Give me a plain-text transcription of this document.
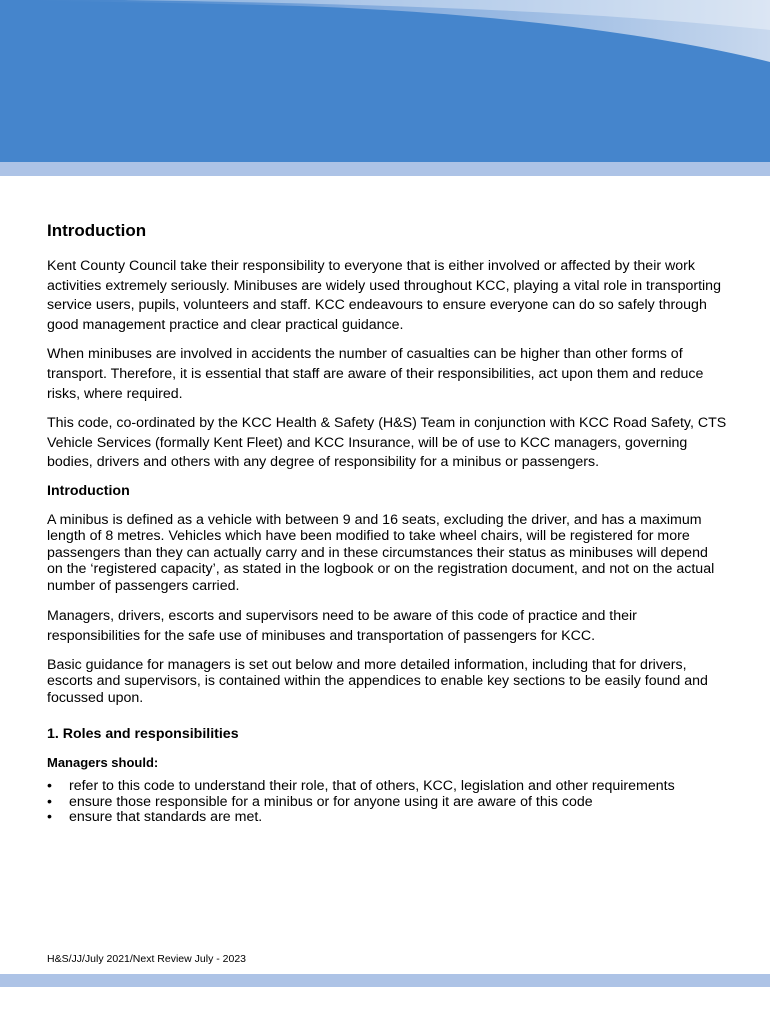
Introduction

Kent County Council take their responsibility to everyone that is either involved or affected by their work activities extremely seriously. Minibuses are widely used throughout KCC, playing a vital role in transporting service users, pupils, volunteers and staff. KCC endeavours to ensure everyone can do so safely through good management practice and clear practical guidance.

When minibuses are involved in accidents the number of casualties can be higher than other forms of transport. Therefore, it is essential that staff are aware of their responsibilities, act upon them and reduce risks, where required.

This code, co-ordinated by the KCC Health & Safety (H&S) Team in conjunction with KCC Road Safety, CTS Vehicle Services (formally Kent Fleet) and KCC Insurance, will be of use to KCC managers, governing bodies, drivers and others with any degree of responsibility for a minibus or passengers.

Introduction

A minibus is defined as a vehicle with between 9 and 16 seats, excluding the driver, and has a maximum length of 8 metres. Vehicles which have been modified to take wheel chairs, will be registered for more passengers than they can actually carry and in these circumstances their status as minibuses will depend on the ‘registered capacity’, as stated in the logbook or on the registration document, and not on the actual number of passengers carried.

Managers, drivers, escorts and supervisors need to be aware of this code of practice and their responsibilities for the safe use of minibuses and transportation of passengers for KCC.

Basic guidance for managers is set out below and more detailed information, including that for drivers, escorts and supervisors, is contained within the appendices to enable key sections to be easily found and focussed upon.

1. Roles and responsibilities
Managers should:
• refer to this code to understand their role, that of others, KCC, legislation and other requirements
• ensure those responsible for a minibus or for anyone using it are aware of this code
• ensure that standards are met.
H&S/JJ/July 2021/Next Review July - 2023
